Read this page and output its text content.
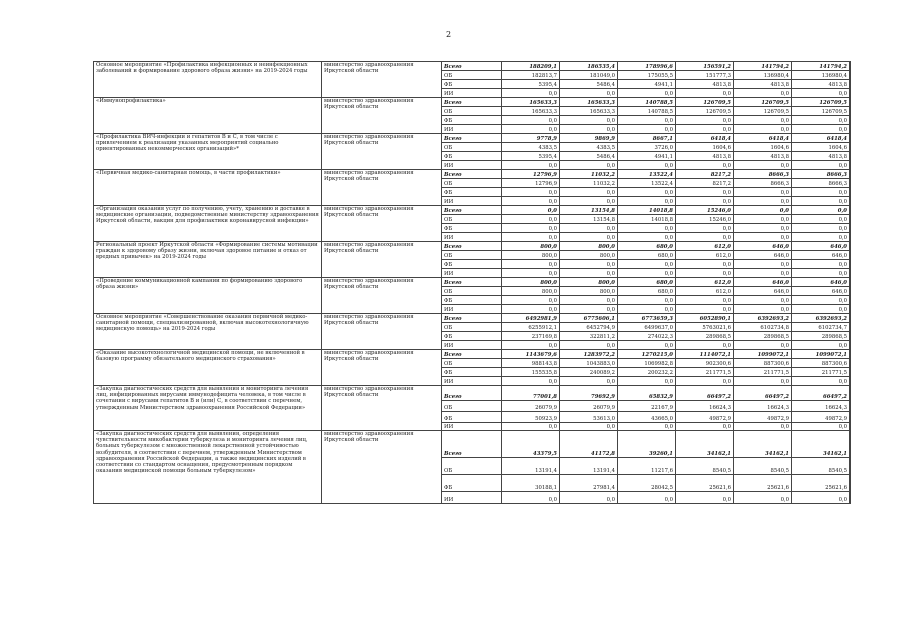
2
Основное мероприятие «Профилактика инфекционных и неинфекционных заболеваний и формирование здорового образа жизни» на 2019-2024 годы	министерство здравоохранения Иркутской области	Всего	188209,1	186535,4	178996,6	156591,2	141794,2	141794,2	
		ОБ	182813,7	181049,0	175055,5	151777,3	136980,4	136980,4	
		ФБ	5395,4	5486,4	4941,1	4813,8	4813,8	4813,8	
		ИИ	0,0	0,0	0,0	0,0	0,0	0,0	
«Иммунопрофилактика»	министерство здравоохранения Иркутской области	Всего	165633,3	165633,3	140788,5	126709,5	126709,5	126709,5	
		ОБ	165633,3	165633,3	140788,5	126709,5	126709,5	126709,5	
		ФБ	0,0	0,0	0,0	0,0	0,0	0,0	
		ИИ	0,0	0,0	0,0	0,0	0,0	0,0	
«Профилактика ВИЧ-инфекции и гепатитов В и С, в том числе с привлечением к реализации указанных мероприятий социально ориентированных некоммерческих организаций»*	министерство здравоохранения Иркутской области	Всего	9778,9	9869,9	8667,1	6418,4	6418,4	6418,4	
		ОБ	4383,5	4383,5	3726,0	1604,6	1604,6	1604,6	
		ФБ	5395,4	5486,4	4941,1	4813,8	4813,8	4813,8	
		ИИ	0,0	0,0	0,0	0,0	0,0	0,0	
«Первичная медико-санитарная помощь, в части профилактики»	министерство здравоохранения Иркутской области	Всего	12796,9	11032,2	13522,4	8217,2	8666,3	8666,3	
		ОБ	12796,9	11032,2	13522,4	8217,2	8666,3	8666,3	
		ФБ	0,0	0,0	0,0	0,0	0,0	0,0	
		ИИ	0,0	0,0	0,0	0,0	0,0	0,0	
«Организация оказания услуг по получению, учету, хранению и доставке в медицинские организации, подведомственные министерству здравоохранения Иркутской области, вакцин для профилактики коронавирусной инфекции»	министерство здравоохранения Иркутской области	Всего	0,0	13154,8	14018,8	15246,0	0,0	0,0	
		ОБ	0,0	13154,8	14018,8	15246,0	0,0	0,0	
		ФБ	0,0	0,0	0,0	0,0	0,0	0,0	
		ИИ	0,0	0,0	0,0	0,0	0,0	0,0	
Региональный проект Иркутской области «Формирование системы мотивации граждан к здоровому образу жизни, включая здоровое питание и отказ от вредных привычек» на 2019-2024 годы	министерство здравоохранения Иркутской области	Всего	800,0	800,0	680,0	612,0	646,0	646,0	
		ОБ	800,0	800,0	680,0	612,0	646,0	646,0	
		ФБ	0,0	0,0	0,0	0,0	0,0	0,0	
		ИИ	0,0	0,0	0,0	0,0	0,0	0,0	
«Проведение коммуникационной кампании по формированию здорового образа жизни»	министерство здравоохранения Иркутской области	Всего	800,0	800,0	680,0	612,0	646,0	646,0	
		ОБ	800,0	800,0	680,0	612,0	646,0	646,0	
		ФБ	0,0	0,0	0,0	0,0	0,0	0,0	
		ИИ	0,0	0,0	0,0	0,0	0,0	0,0	
Основное мероприятие «Совершенствование оказания первичной медико-санитарной помощи, специализированной, включая высокотехнологичную медицинскую помощь» на 2019-2024 годы	министерство здравоохранения Иркутской области	Всего	6492981,9	6775606,1	6773659,3	6052890,1	6392693,2	6392693,2	
		ОБ	6255912,1	6452794,9	6499637,0	5763021,6	6102734,8	6102734,7	
		ФБ	237169,8	322811,2	274022,3	289868,5	289868,5	289868,5	
		ИИ	0,0	0,0	0,0	0,0	0,0	0,0	
«Оказание высокотехнологичной медицинской помощи, не включенной в базовую программу обязательного медицинского страхования»	министерство здравоохранения Иркутской области	Всего	1143679,6	1283972,2	1270215,0	1114072,1	1099072,1	1099072,1	
		ОБ	988143,8	1043883,0	1069982,8	902300,6	887300,6	887300,6	
		ФБ	155535,8	240089,2	200232,2	211771,5	211771,5	211771,5	
		ИИ	0,0	0,0	0,0	0,0	0,0	0,0	
«Закупка диагностических средств для выявления и мониторинга лечения лиц, инфицированных вирусами иммунодефицита человека, в том числе в сочетании с вирусами гепатитов В и (или) С, в соответствии с перечнем, утвержденным Министерством здравоохранения Российской Федерации»	министерство здравоохранения Иркутской области	Всего	77001,8	79692,9	65832,9	66497,2	66497,2	66497,2	
		ОБ	26079,9	26079,9	22167,9	16624,3	16624,3	16624,3	
		ФБ	50923,9	53613,0	43665,0	49872,9	49872,9	49872,9	
		ИИ	0,0	0,0	0,0	0,0	0,0	0,0	
«Закупка диагностических средств для выявления, определения чувствительности микобактерии туберкулеза и мониторинга лечения лиц, больных туберкулезом с множественной лекарственной устойчивостью возбудителя, в соответствии с перечнем, утвержденным Министерством здравоохранения Российской Федерации, а также медицинских изделий в соответствии со стандартом оснащения, предусмотренным порядком оказания медицинской помощи больным туберкулезом»	министерство здравоохранения Иркутской области	Всего	43379,5	41172,8	39260,1	34162,1	34162,1	34162,1	
		ОБ	13191,4	13191,4	11217,6	8540,5	8540,5	8540,5	
		ФБ	30188,1	27981,4	28042,5	25621,6	25621,6	25621,6	
		ИИ	0,0	0,0	0,0	0,0	0,0	0,0	
